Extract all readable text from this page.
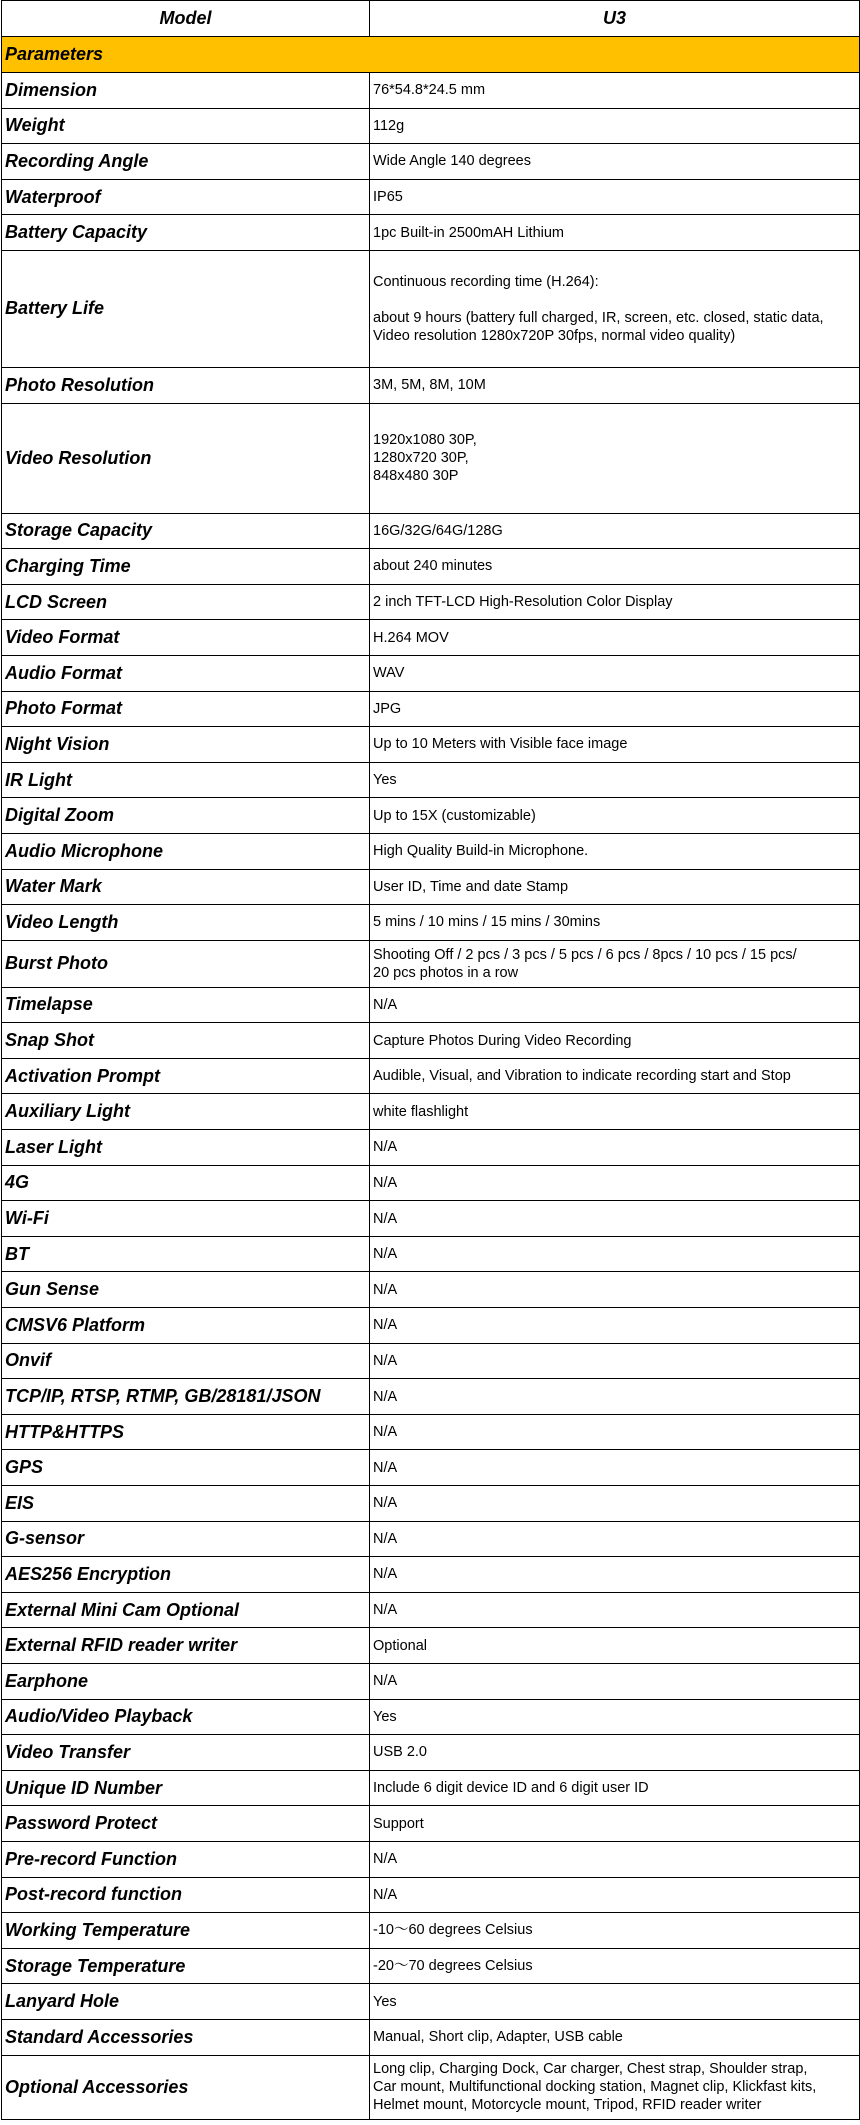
Model	U3
Parameters	
Dimension	76*54.8*24.5 mm
Weight	112g
Recording Angle	Wide Angle 140 degrees
Waterproof	IP65
Battery Capacity	1pc Built-in 2500mAH Lithium
Battery Life	Continuous recording time (H.264):

about 9 hours (battery full charged, IR, screen, etc. closed, static data,
Video resolution 1280x720P 30fps, normal video quality)
Photo Resolution	3M, 5M, 8M, 10M
Video Resolution	1920x1080 30P,
1280x720 30P,
848x480 30P
Storage Capacity	16G/32G/64G/128G
Charging Time	about 240 minutes
LCD Screen	2 inch TFT-LCD High-Resolution Color Display
Video Format	H.264 MOV
Audio Format	WAV
Photo Format	JPG
Night Vision	Up to 10 Meters with Visible face image
IR Light	Yes
Digital Zoom	Up to 15X (customizable)
Audio Microphone	High Quality Build-in Microphone.
Water Mark	User ID, Time and date Stamp
Video Length	5 mins / 10 mins / 15 mins / 30mins
Burst Photo	Shooting Off / 2 pcs / 3 pcs / 5 pcs / 6 pcs / 8pcs / 10 pcs / 15 pcs/
20 pcs photos in a row
Timelapse	N/A
Snap Shot	Capture Photos During Video Recording
Activation Prompt	Audible, Visual, and Vibration to indicate recording start and Stop
Auxiliary Light	white flashlight
Laser Light	N/A
4G	N/A
Wi-Fi	N/A
BT	N/A
Gun Sense	N/A
CMSV6 Platform	N/A
Onvif	N/A
TCP/IP, RTSP, RTMP, GB/28181/JSON	N/A
HTTP&HTTPS	N/A
GPS	N/A
EIS	N/A
G-sensor	N/A
AES256 Encryption	N/A
External Mini Cam Optional	N/A
External RFID reader writer	Optional
Earphone	N/A
Audio/Video Playback	Yes
Video Transfer	USB 2.0
Unique ID Number	Include 6 digit device ID and 6 digit user ID
Password Protect	Support
Pre-record Function	N/A
Post-record function	N/A
Working Temperature	-10～60 degrees Celsius
Storage Temperature	-20～70 degrees Celsius
Lanyard Hole	Yes
Standard Accessories	Manual, Short clip, Adapter, USB cable
Optional Accessories	Long clip, Charging Dock, Car charger, Chest strap, Shoulder strap,
Car mount, Multifunctional docking station, Magnet clip, Klickfast kits,
Helmet mount, Motorcycle mount, Tripod, RFID reader writer
